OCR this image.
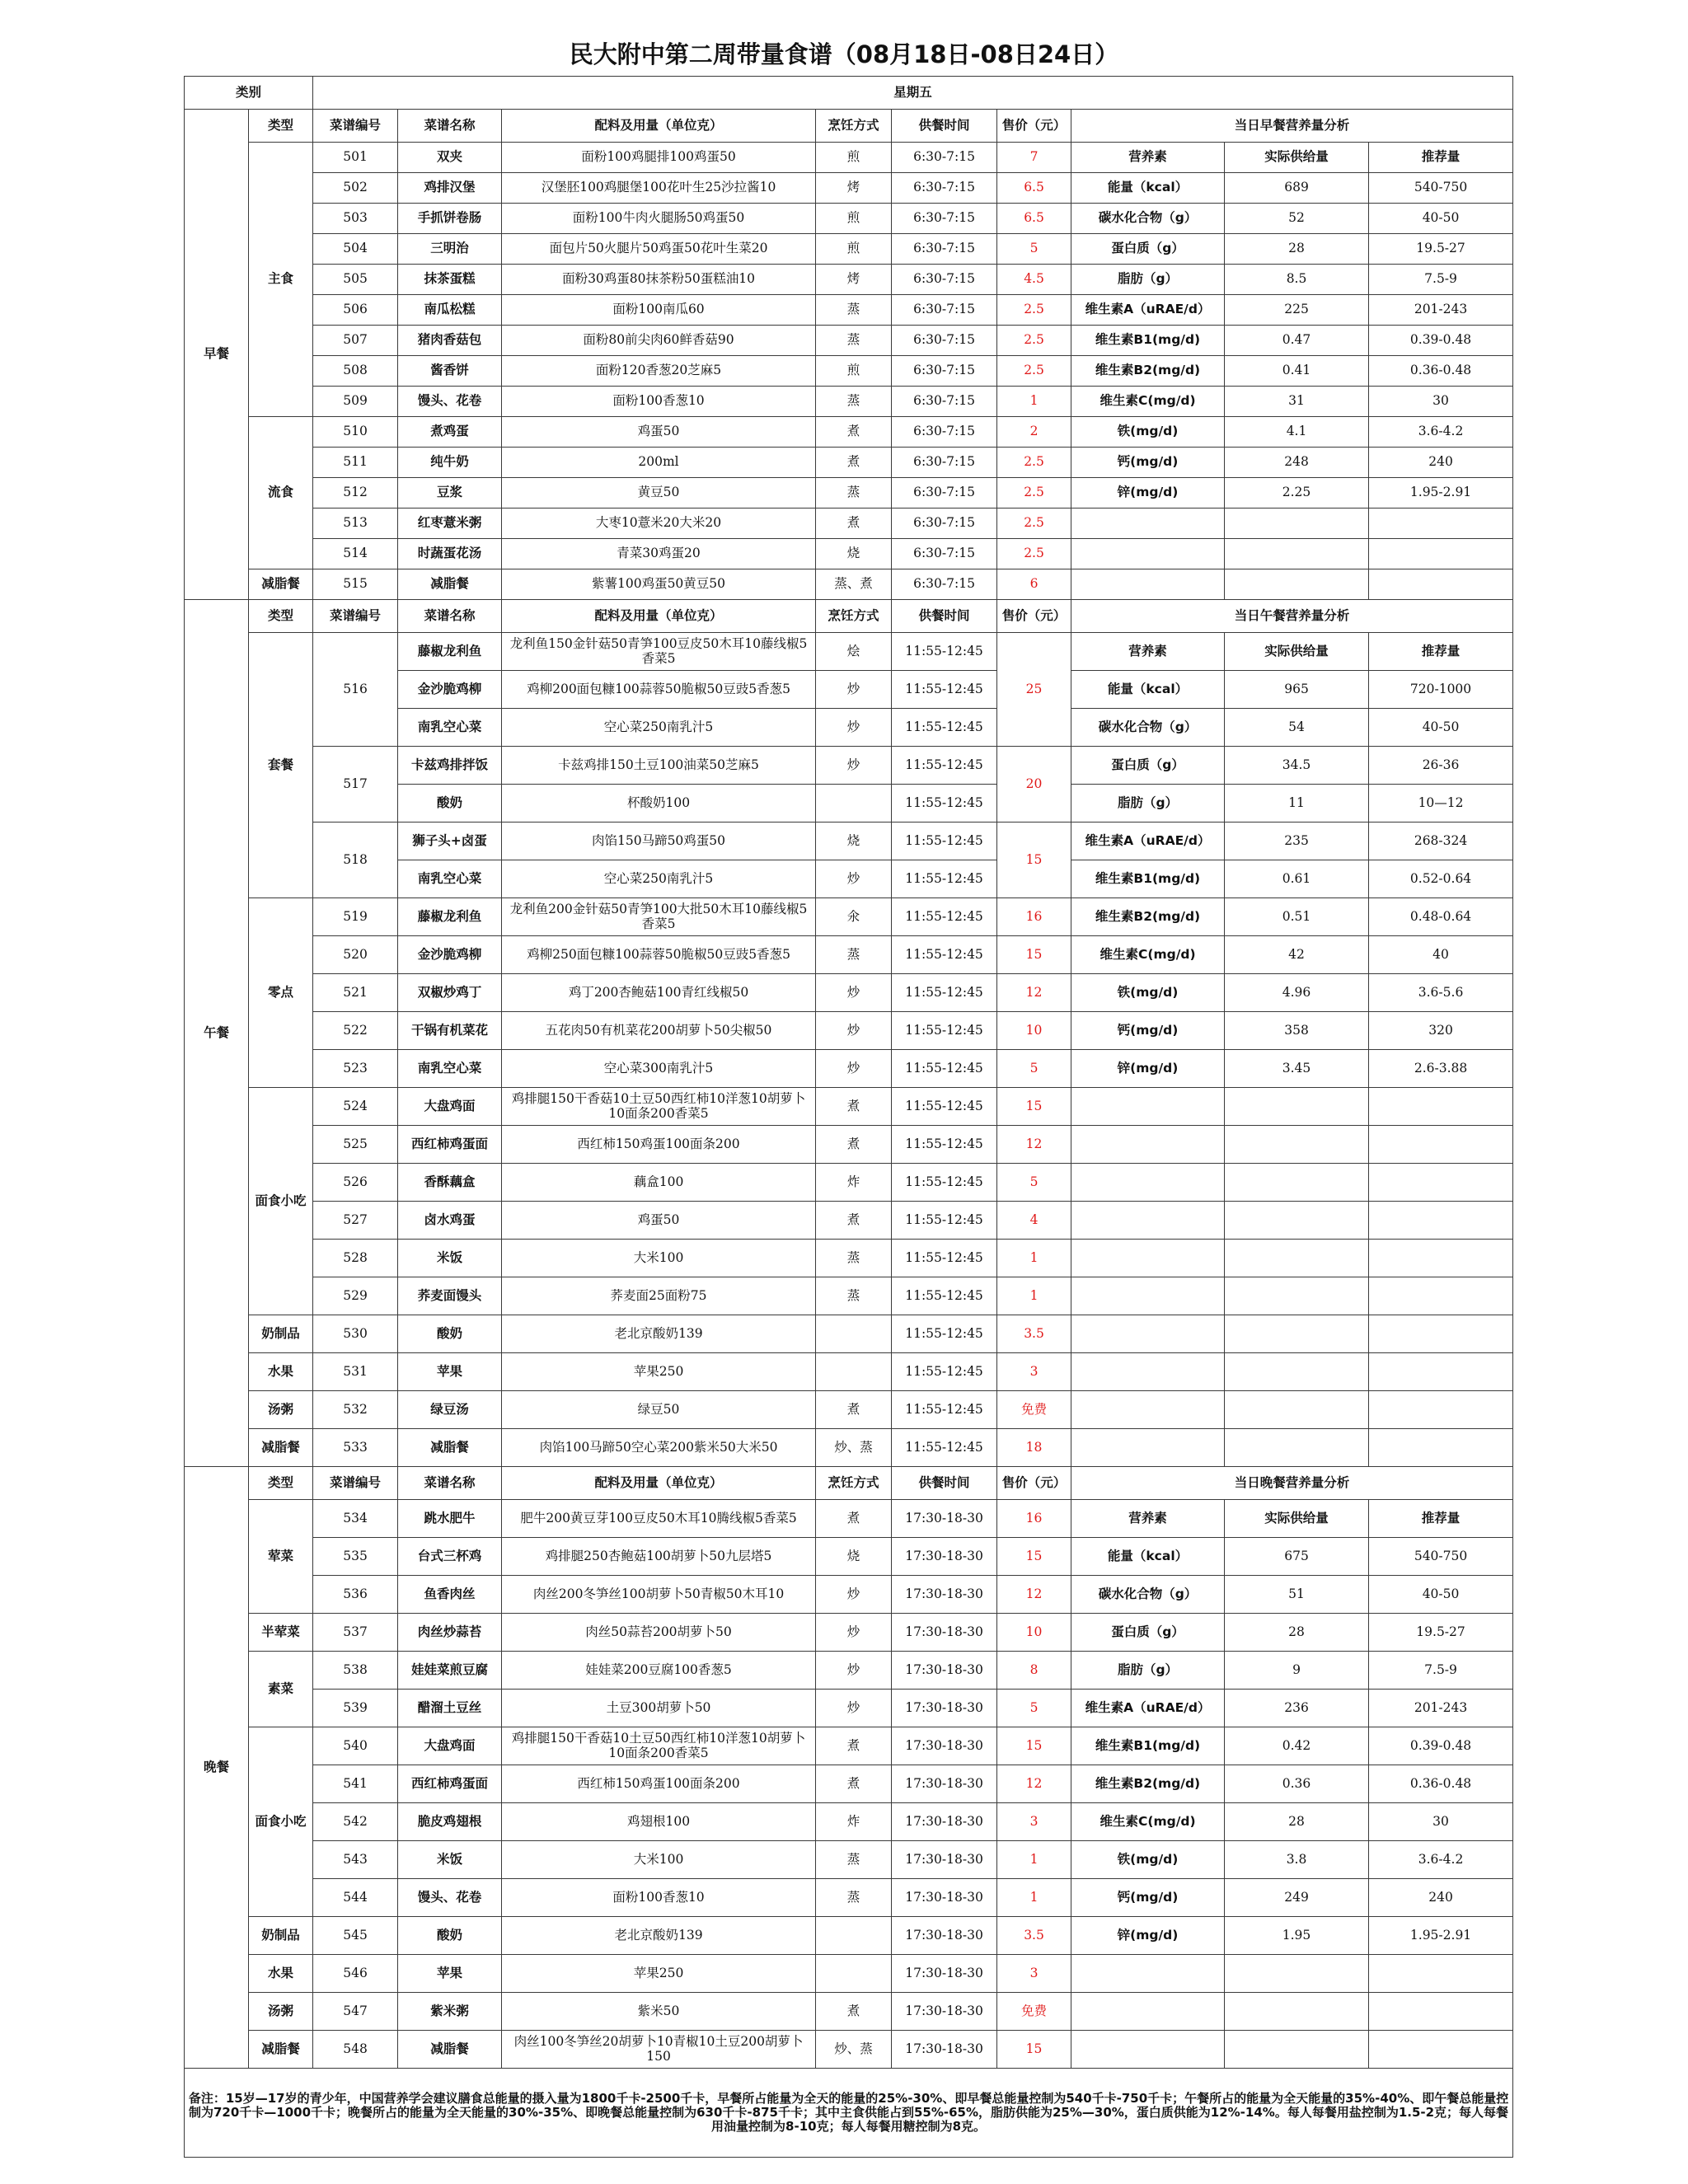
民大附中第二周带量食谱（08月18日-08日24日）
类别		星期五								
早餐	类型	菜谱编号	菜谱名称	配料及用量（单位克）	烹饪方式	供餐时间	售价（元）	当日早餐营养量分析		
	主食	501	双夹	面粉100鸡腿排100鸡蛋50	煎	6:30-7:15	7	营养素	实际供给量	推荐量
		502	鸡排汉堡	汉堡胚100鸡腿堡100花叶生25沙拉酱10	烤	6:30-7:15	6.5	能量（kcal）	689	540-750
		503	手抓饼卷肠	面粉100牛肉火腿肠50鸡蛋50	煎	6:30-7:15	6.5	碳水化合物（g）	52	40-50
		504	三明治	面包片50火腿片50鸡蛋50花叶生菜20	煎	6:30-7:15	5	蛋白质（g）	28	19.5-27
		505	抹茶蛋糕	面粉30鸡蛋80抹茶粉50蛋糕油10	烤	6:30-7:15	4.5	脂肪（g）	8.5	7.5-9
		506	南瓜松糕	面粉100南瓜60	蒸	6:30-7:15	2.5	维生素A（uRAE/d）	225	201-243
		507	猪肉香菇包	面粉80前尖肉60鲜香菇90	蒸	6:30-7:15	2.5	维生素B1(mg/d)	0.47	0.39-0.48
		508	酱香饼	面粉120香葱20芝麻5	煎	6:30-7:15	2.5	维生素B2(mg/d)	0.41	0.36-0.48
		509	馒头、花卷	面粉100香葱10	蒸	6:30-7:15	1	维生素C(mg/d)	31	30
	流食	510	煮鸡蛋	鸡蛋50	煮	6:30-7:15	2	铁(mg/d)	4.1	3.6-4.2
		511	纯牛奶	200ml	煮	6:30-7:15	2.5	钙(mg/d)	248	240
		512	豆浆	黄豆50	蒸	6:30-7:15	2.5	锌(mg/d)	2.25	1.95-2.91
		513	红枣薏米粥	大枣10薏米20大米20	煮	6:30-7:15	2.5			
		514	时蔬蛋花汤	青菜30鸡蛋20	烧	6:30-7:15	2.5			
	减脂餐	515	减脂餐	紫薯100鸡蛋50黄豆50	蒸、煮	6:30-7:15	6			
午餐	类型	菜谱编号	菜谱名称	配料及用量（单位克）	烹饪方式	供餐时间	售价（元）	当日午餐营养量分析		
	套餐	516	藤椒龙利鱼	龙利鱼150金针菇50青笋100豆皮50木耳10藤线椒5香菜5	烩	11:55-12:45	25	营养素	实际供给量	推荐量
			金沙脆鸡柳	鸡柳200面包糠100蒜蓉50脆椒50豆豉5香葱5	炒	11:55-12:45		能量（kcal）	965	720-1000
			南乳空心菜	空心菜250南乳汁5	炒	11:55-12:45		碳水化合物（g）	54	40-50
		517	卡兹鸡排拌饭	卡兹鸡排150土豆100油菜50芝麻5	炒	11:55-12:45	20	蛋白质（g）	34.5	26-36
			酸奶	杯酸奶100		11:55-12:45		脂肪（g）	11	10—12
		518	狮子头+卤蛋	肉馅150马蹄50鸡蛋50	烧	11:55-12:45	15	维生素A（uRAE/d）	235	268-324
			南乳空心菜	空心菜250南乳汁5	炒	11:55-12:45		维生素B1(mg/d)	0.61	0.52-0.64
	零点	519	藤椒龙利鱼	龙利鱼200金针菇50青笋100大批50木耳10藤线椒5香菜5	氽	11:55-12:45	16	维生素B2(mg/d)	0.51	0.48-0.64
		520	金沙脆鸡柳	鸡柳250面包糠100蒜蓉50脆椒50豆豉5香葱5	蒸	11:55-12:45	15	维生素C(mg/d)	42	40
		521	双椒炒鸡丁	鸡丁200杏鲍菇100青红线椒50	炒	11:55-12:45	12	铁(mg/d)	4.96	3.6-5.6
		522	干锅有机菜花	五花肉50有机菜花200胡萝卜50尖椒50	炒	11:55-12:45	10	钙(mg/d)	358	320
		523	南乳空心菜	空心菜300南乳汁5	炒	11:55-12:45	5	锌(mg/d)	3.45	2.6-3.88
	面食小吃	524	大盘鸡面	鸡排腿150干香菇10土豆50西红柿10洋葱10胡萝卜10面条200香菜5	煮	11:55-12:45	15			
		525	西红柿鸡蛋面	西红柿150鸡蛋100面条200	煮	11:55-12:45	12			
		526	香酥藕盒	藕盒100	炸	11:55-12:45	5			
		527	卤水鸡蛋	鸡蛋50	煮	11:55-12:45	4			
		528	米饭	大米100	蒸	11:55-12:45	1			
		529	荞麦面馒头	荞麦面25面粉75	蒸	11:55-12:45	1			
	奶制品	530	酸奶	老北京酸奶139		11:55-12:45	3.5			
	水果	531	苹果	苹果250		11:55-12:45	3			
	汤粥	532	绿豆汤	绿豆50	煮	11:55-12:45	免费			
	减脂餐	533	减脂餐	肉馅100马蹄50空心菜200紫米50大米50	炒、蒸	11:55-12:45	18			
晚餐	类型	菜谱编号	菜谱名称	配料及用量（单位克）	烹饪方式	供餐时间	售价（元）	当日晚餐营养量分析		
	荤菜	534	跳水肥牛	肥牛200黄豆芽100豆皮50木耳10腾线椒5香菜5	煮	17:30-18-30	16	营养素	实际供给量	推荐量
		535	台式三杯鸡	鸡排腿250杏鲍菇100胡萝卜50九层塔5	烧	17:30-18-30	15	能量（kcal）	675	540-750
		536	鱼香肉丝	肉丝200冬笋丝100胡萝卜50青椒50木耳10	炒	17:30-18-30	12	碳水化合物（g）	51	40-50
	半荤菜	537	肉丝炒蒜苔	肉丝50蒜苔200胡萝卜50	炒	17:30-18-30	10	蛋白质（g）	28	19.5-27
	素菜	538	娃娃菜煎豆腐	娃娃菜200豆腐100香葱5	炒	17:30-18-30	8	脂肪（g）	9	7.5-9
		539	醋溜土豆丝	土豆300胡萝卜50	炒	17:30-18-30	5	维生素A（uRAE/d）	236	201-243
	面食小吃	540	大盘鸡面	鸡排腿150干香菇10土豆50西红柿10洋葱10胡萝卜10面条200香菜5	煮	17:30-18-30	15	维生素B1(mg/d)	0.42	0.39-0.48
		541	西红柿鸡蛋面	西红柿150鸡蛋100面条200	煮	17:30-18-30	12	维生素B2(mg/d)	0.36	0.36-0.48
		542	脆皮鸡翅根	鸡翅根100	炸	17:30-18-30	3	维生素C(mg/d)	28	30
		543	米饭	大米100	蒸	17:30-18-30	1	铁(mg/d)	3.8	3.6-4.2
		544	馒头、花卷	面粉100香葱10	蒸	17:30-18-30	1	钙(mg/d)	249	240
	奶制品	545	酸奶	老北京酸奶139		17:30-18-30	3.5	锌(mg/d)	1.95	1.95-2.91
	水果	546	苹果	苹果250		17:30-18-30	3			
	汤粥	547	紫米粥	紫米50	煮	17:30-18-30	免费			
	减脂餐	548	减脂餐	肉丝100冬笋丝20胡萝卜10青椒10土豆200胡萝卜150	炒、蒸	17:30-18-30	15			
备注：15岁—17岁的青少年，中国营养学会建议膳食总能量的摄入量为1800千卡-2500千卡，早餐所占能量为全天的能量的25%-30%、即早餐总能量控制为540千卡-750千卡；午餐所占的能量为全天能量的35%-40%、即午餐总能量控制为720千卡—1000千卡；晚餐所占的能量为全天能量的30%-35%、即晚餐总能量控制为630千卡-875千卡；其中主食供能占到55%-65%，脂肪供能为25%—30%，蛋白质供能为12%-14%。每人每餐用盐控制为1.5-2克；每人每餐用油量控制为8-10克；每人每餐用糖控制为8克。										
